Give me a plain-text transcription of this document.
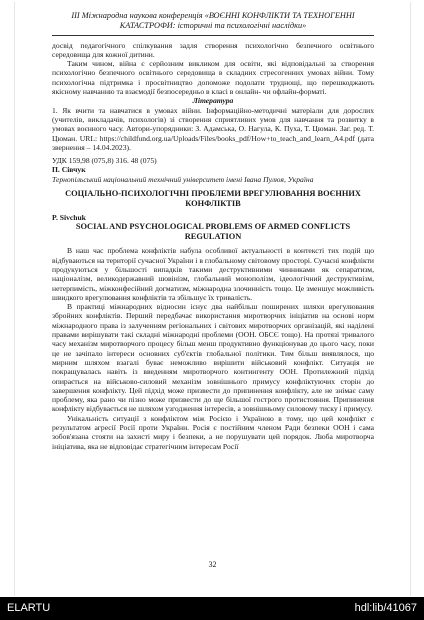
ІІІ Міжнародна наукова конференція «ВОЄННІ КОНФЛІКТИ ТА ТЕХНОГЕННІ
КАТАСТРОФИ: історичні та психологічні наслідки»

досвід педагогічного спілкування задля створення психологічно безпечного освітнього середовища для кожної дитини.

Таким чином, війна є серйозним викликом для освіти, які відповідальні за створення психологічно безпечного освітнього середовища в складних стресогенних умовах війни. Тому психологічна підтримка і просвітництво допоможе подолати труднощі, що перешкоджають якісному навчанню та взаємодії безпосередньо в класі в онлайн- чи офлайн-форматі.

Література

1. Як вчити та навчатися в умовах війни. Інформаційно-методичні матеріали для дорослих (учителів, викладачів, психологів) зі створення сприятливих умов для навчання та розвитку в умовах воєнного часу. Автори-упорядники: З. Адамська, О. Нагула, К. Пуха, Т. Цюман. Заг. ред. Т. Цюман. URL: https://childfund.org.ua/Uploads/Files/books_pdf/How+to_teach_and_learn_A4.pdf (дата звернення – 14.04.2023).

УДК 159,98 (075,8) 316. 48 (075)

П. Сівчук

Тернопільський національний технічний університет імені Івана Пулюя, Україна

СОЦІАЛЬНО-ПСИХОЛОГІЧНІ ПРОБЛЕМИ ВРЕГУЛЮВАННЯ ВОЄННИХ КОНФЛІКТІВ

P. Sivchuk

SOCIAL AND PSYCHOLOGICAL PROBLEMS OF ARMED CONFLICTS REGULATION

В наш час проблема конфліктів набула особливої актуальності в контексті тих подій що відбуваються на території сучасної України і в глобальному світовому просторі. Сучасні конфлікти продукуються у більшості випадків такими деструктивними чинниками як сепаратизм, націоналізм, великодержавний шовінізм, глобальний монополізм, ідеологічний деструктивізм, нетерпимість, міжконфесійний догматизм, міжнародна злочинність тощо. Це зменшує можливість швидкого врегулювання конфліктів та збільшує їх тривалість.

В практиці міжнародних відносин існує два найбільш поширених шляхи врегулювання збройних конфліктів. Перший передбачає використання миротворчих ініціатив на основі норм міжнародного права із залученням регіональних і світових миротворчих організацій, які наділені правами вирішувати такі складні міжнародні проблеми (ООН. ОБСЄ тощо). На протязі тривалого часу механізм миротворчого процесу більш менш продуктивно функціонував до цього часу, поки це не зачіпало інтереси основних суб'єктів глобальної політики. Тим більш виявлялося, що мирним шляхом взагалі буває неможливо вирішити військовий конфлікт. Ситуація не покращувалась навіть із введенням миротворчого контингенту ООН. Протилежний підхід опирається на військово-силовий механізм зовнішнього примусу конфліктуючих сторін до завершення конфлікту. Цей підхід може призвести до припинення конфлікту, але не знімає саму проблему, яка рано чи пізно може призвести до ще більшої гострого протистояння. Припинення конфлікту відбувається не шляхом узгодження інтересів, а зовнішньому силовому тиску і примусу.

Унікальність ситуації з конфліктом між Росією і Україною в тому, що цей конфлікт є результатом агресії Росії проти України. Росія є постійним членом Ради безпеки ООН і сама зобов'язана стояти на захисті миру і безпеки, а не порушувати цей порядок. Люба миротворча ініціатива, яка не відповідає стратегічним інтересам Росії

32
ELARTU	hdl:lib/41067
